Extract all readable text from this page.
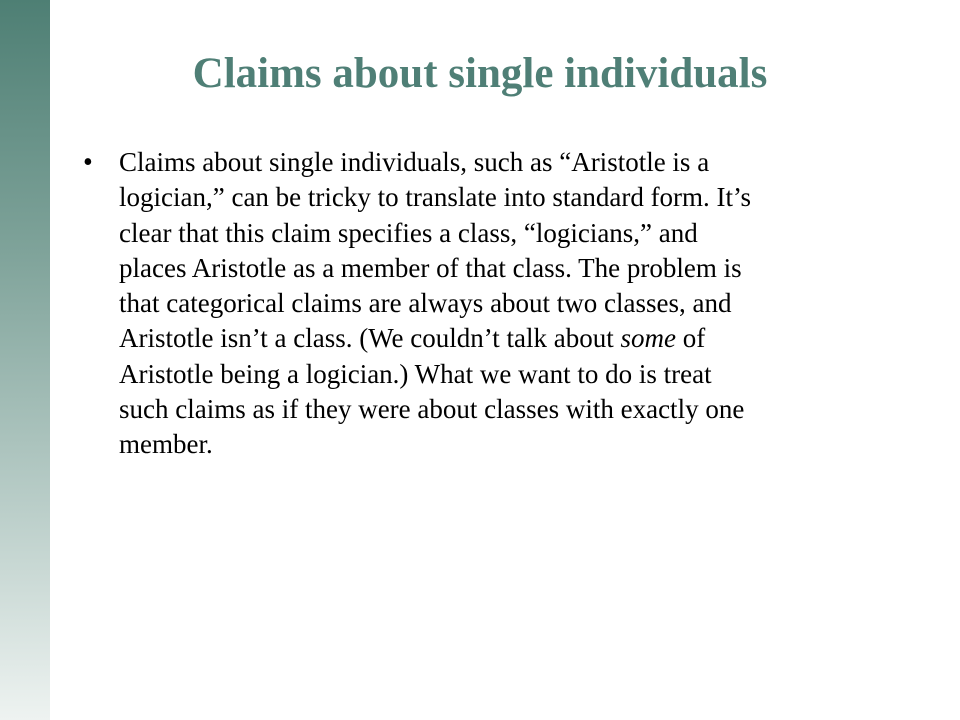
Claims about single individuals
• Claims about single individuals, such as “Aristotle is a
logician,” can be tricky to translate into standard form. It’s
clear that this claim specifies a class, “logicians,” and
places Aristotle as a member of that class. The problem is
that categorical claims are always about two classes, and
Aristotle isn’t a class. (We couldn’t talk about some of
Aristotle being a logician.) What we want to do is treat
such claims as if they were about classes with exactly one
member.
